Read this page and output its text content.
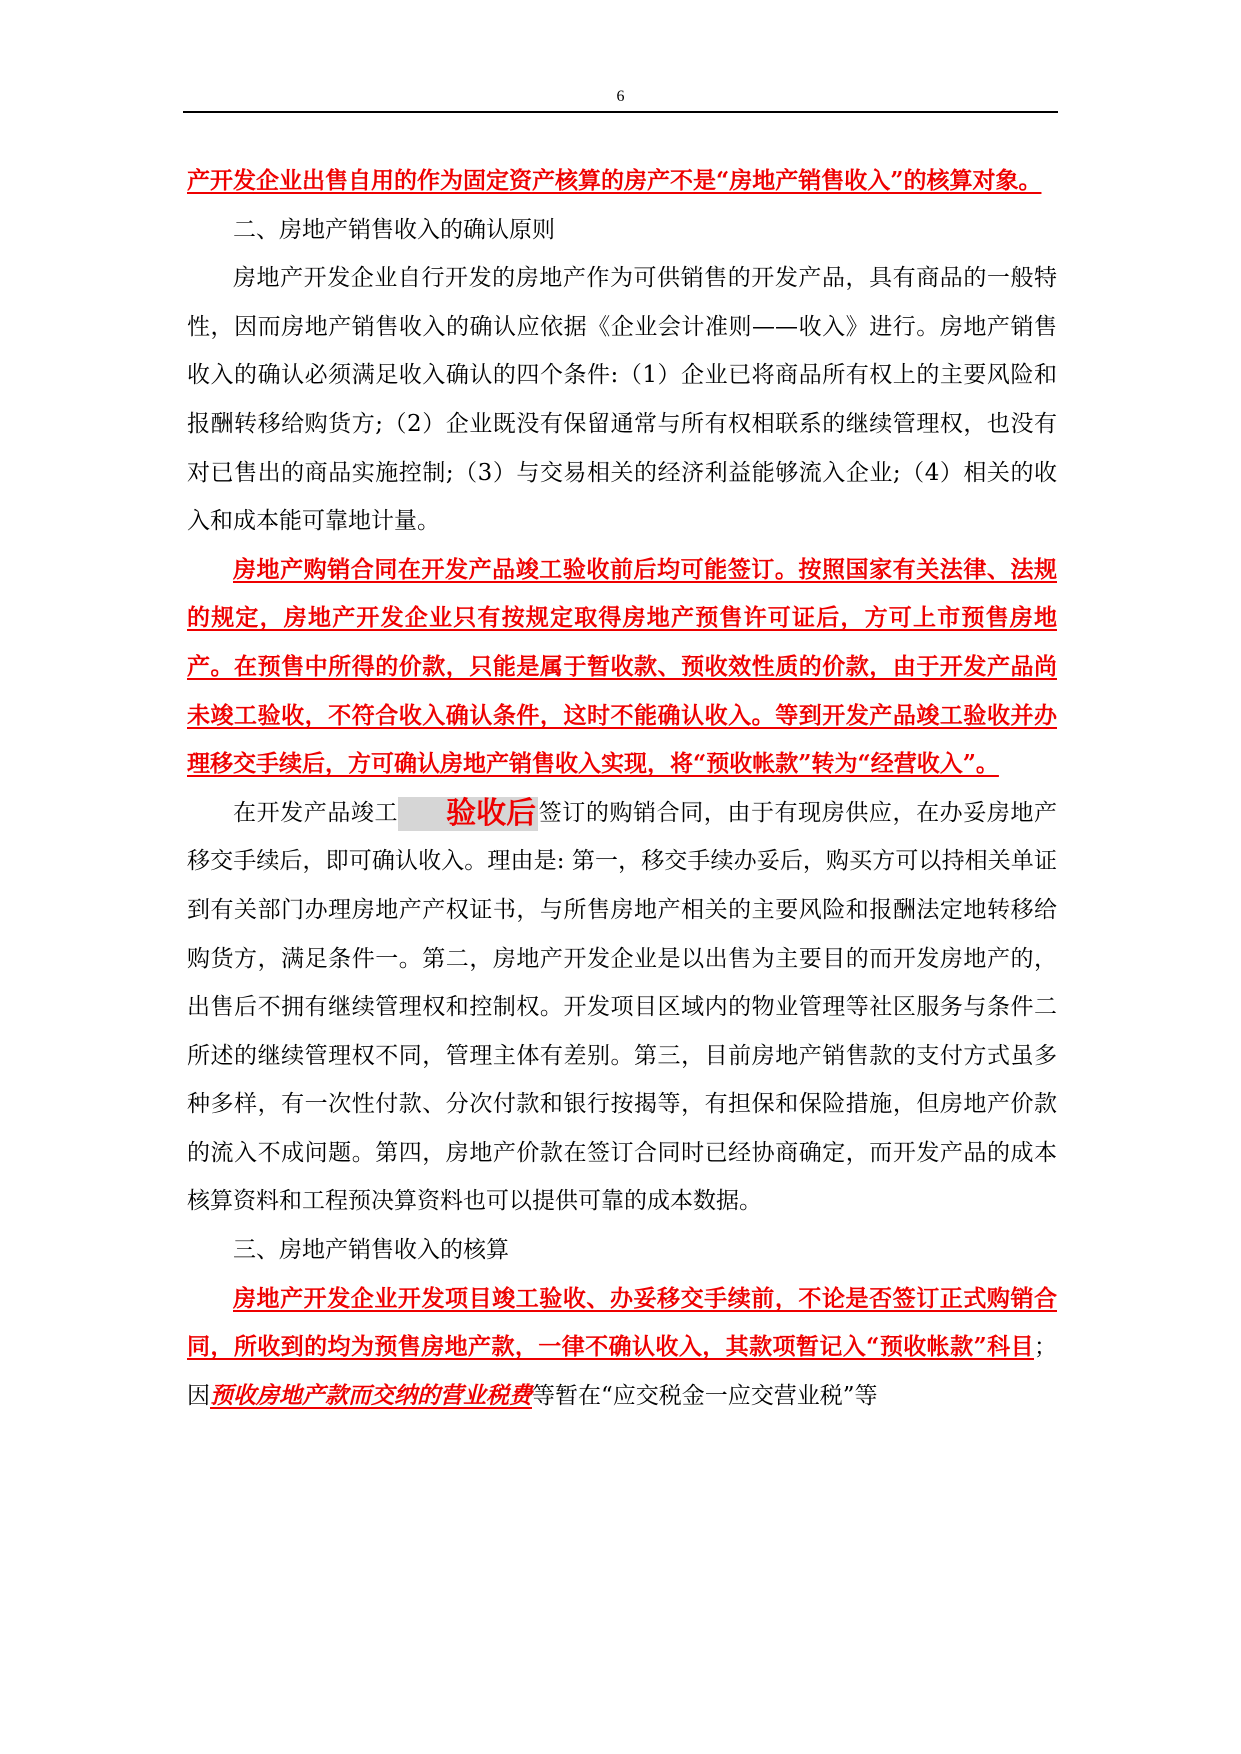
6

产开发企业出售自用的作为固定资产核算的房产不是“房地产销售收入”的核算对象。

二、房地产销售收入的确认原则

房地产开发企业自行开发的房地产作为可供销售的开发产品，具有商品的一般特性，因而房地产销售收入的确认应依据《企业会计准则——收入》进行。房地产销售收入的确认必须满足收入确认的四个条件:（1）企业已将商品所有权上的主要风险和报酬转移给购货方;（2）企业既没有保留通常与所有权相联系的继续管理权，也没有对已售出的商品实施控制;（3）与交易相关的经济利益能够流入企业;（4）相关的收入和成本能可靠地计量。

房地产购销合同在开发产品竣工验收前后均可能签订。按照国家有关法律、法规的规定，房地产开发企业只有按规定取得房地产预售许可证后，方可上市预售房地产。在预售中所得的价款，只能是属于暂收款、预收效性质的价款，由于开发产品尚未竣工验收，不符合收入确认条件，这时不能确认收入。等到开发产品竣工验收并办理移交手续后，方可确认房地产销售收入实现，将“预收帐款”转为“经营收入”。

在开发产品竣工 验收后签订的购销合同，由于有现房供应，在办妥房地产移交手续后，即可确认收入。理由是: 第一，移交手续办妥后，购买方可以持相关单证到有关部门办理房地产产权证书，与所售房地产相关的主要风险和报酬法定地转移给购货方，满足条件一。第二，房地产开发企业是以出售为主要目的而开发房地产的，出售后不拥有继续管理权和控制权。开发项目区域内的物业管理等社区服务与条件二所述的继续管理权不同，管理主体有差别。第三，目前房地产销售款的支付方式虽多种多样，有一次性付款、分次付款和银行按揭等，有担保和保险措施，但房地产价款的流入不成问题。第四，房地产价款在签订合同时已经协商确定，而开发产品的成本核算资料和工程预决算资料也可以提供可靠的成本数据。

三、房地产销售收入的核算

房地产开发企业开发项目竣工验收、办妥移交手续前，不论是否签订正式购销合同，所收到的均为预售房地产款，一律不确认收入，其款项暂记入“预收帐款”科目；因预收房地产款而交纳的营业税费等暂在“应交税金一应交营业税”等
